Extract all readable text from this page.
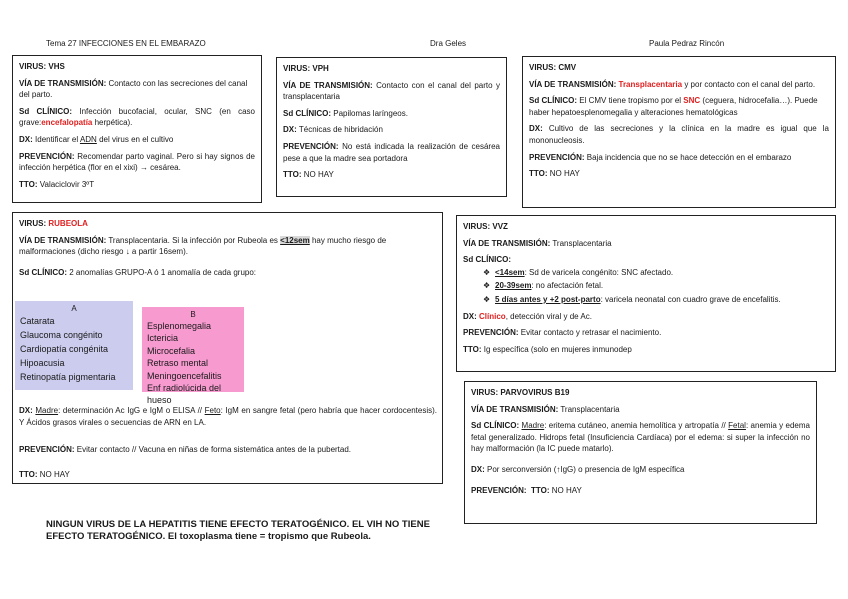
Tema 27 INFECCIONES EN EL EMBARAZO	Dra Geles	Paula Pedraz Rincón

VIRUS: VHS

VÍA DE TRANSMISIÓN: Contacto con las secreciones del canal del parto.

Sd CLÍNICO: Infección bucofacial, ocular, SNC (en caso grave:encefalopatía herpética).

DX: Identificar el ADN del virus en el cultivo

PREVENCIÓN: Recomendar parto vaginal. Pero si hay signos de infección herpética (flor en el xixi) → cesárea.

TTO: Valaciclovir 3ºT

VIRUS: VPH

VÍA DE TRANSMISIÓN: Contacto con el canal del parto y transplacentaria

Sd CLÍNICO: Papilomas laríngeos.

DX: Técnicas de hibridación

PREVENCIÓN: No está indicada la realización de cesárea pese a que la madre sea portadora

TTO: NO HAY

VIRUS: CMV

VÍA DE TRANSMISIÓN: Transplacentaria y por contacto con el canal del parto.

Sd CLÍNICO: El CMV tiene tropismo por el SNC (ceguera, hidrocefalia…). Puede haber hepatoesplenomegalia y alteraciones hematológicas

DX: Cultivo de las secreciones y la clínica en la madre es igual que la mononucleosis.

PREVENCIÓN: Baja incidencia que no se hace detección en el embarazo

TTO: NO HAY

VIRUS: RUBEOLA

VÍA DE TRANSMISIÓN: Transplacentaria. Si la infección por Rubeola es <12sem hay mucho riesgo de malformaciones (dicho riesgo ↓ a partir 16sem).

Sd CLÍNICO: 2 anomalías GRUPO-A ó 1 anomalía de cada grupo:

DX: Madre: determinación Ac IgG e IgM o ELISA // Feto: IgM en sangre fetal (pero habría que hacer cordocentesis). Y Ácidos grasos virales o secuencias de ARN en LA.

PREVENCIÓN: Evitar contacto // Vacuna en niñas de forma sistemática antes de la pubertad.

TTO: NO HAY

A
Catarata
Glaucoma congénito
Cardiopatía congénita
Hipoacusia
Retinopatía pigmentaria
B
Esplenomegalia
Ictericia
Microcefalia
Retraso mental
Meningoencefalitis
Enf radiolúcida del hueso

VIRUS: VVZ

VÍA DE TRANSMISIÓN: Transplacentaria

Sd CLÍNICO:

❖ <14sem: Sd de varicela congénito: SNC afectado.
❖ 20-39sem: no afectación fetal.
❖ 5 días antes y +2 post-parto: varicela neonatal con cuadro grave de encefalitis.

DX: Clínico, detección viral y de Ac.

PREVENCIÓN: Evitar contacto y retrasar el nacimiento.

TTO: Ig específica (solo en mujeres inmunodep

VIRUS: PARVOVIRUS B19

VÍA DE TRANSMISIÓN: Transplacentaria

Sd CLÍNICO: Madre: eritema cutáneo, anemia hemolítica y artropatía // Fetal: anemia y edema fetal generalizado. Hidrops fetal (Insuficiencia Cardíaca) por el edema: si super la infección no hay malformación (la IC puede matarlo).

DX: Por serconversión (↑IgG) o presencia de IgM específica

PREVENCIÓN: TTO: NO HAY

NINGUN VIRUS DE LA HEPATITIS TIENE EFECTO TERATOGÉNICO. EL VIH NO TIENE EFECTO TERATOGÉNICO. El toxoplasma tiene = tropismo que Rubeola.
